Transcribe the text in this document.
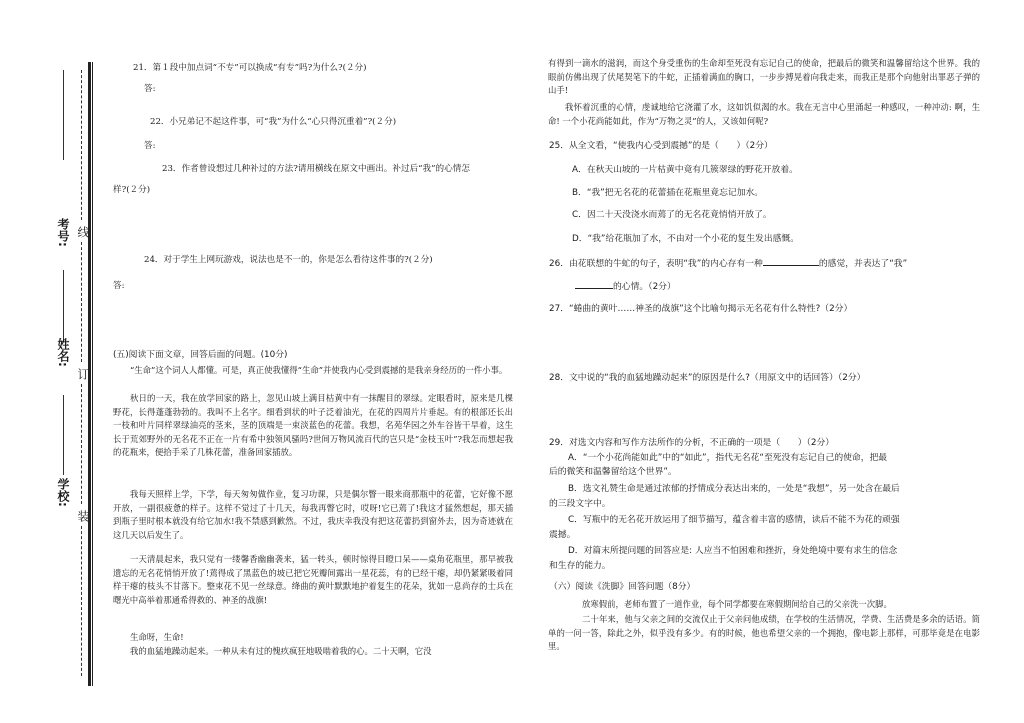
考号:
姓名:
学校:
线
订
装
21．第１段中加点词“不专”可以换成“有专”吗?为什么?(２分)
答:
22．小兄弟记不起这件事，可“我”为什么“心只得沉重着”?(２分)
答:
23．作者曾设想过几种补过的方法?请用横线在原文中画出。补过后“我”的心情怎
样?(２分)
24．对于学生上网玩游戏，说法也是不一的，你是怎么看待这件事的?(２分)
答:
(五)阅读下面文章，回答后面的问题。(10分)
“生命”这个词人人都懂。可是，真正使我懂得“生命”并使我内心受到震撼的是我亲身经历的一件小事。
秋日的一天，我在放学回家的路上，忽见山坡上满目枯黄中有一抹醒目的翠绿。定眼看时，原来是几棵野花，长得蓬蓬勃勃的。我叫不上名字。细看到状的叶子泛着油光，在花的四周片片垂起。有的根部还长出一枝和叶片同样翠绿油亮的茎来，茎的顶端是一束淡蓝色的花蕾。我想，名苑华园之外车谷皆干旱着，这生长于荒郊野外的无名花不正在一片有希中独领风骚吗?世间万物风流百代的岂只是“金枝玉叶”?我怎而想起我的花瓶来，便拾手采了几株花蕾，准备回家插放。
我每天照样上学，下学，每天匆匆做作业，复习功课，只是偶尔瞥一眼来商那瓶中的花蕾，它好像不愿开放，一副很疲惫的样子。这样不觉过了十几天，每我再瞥它时，哎呀!它已蔫了!我这才猛然想起，那天插到瓶子里时根本就没有给它加水!我不禁感到歉然。不过，我庆幸我没有把这花蕾扔到窗外去，因为奇迹就在这几天以后发生了。
一天清晨起来，我只觉有一缕馨香幽幽袭来，猛一转头，顿时惊得目瞪口呆——桌角花瓶里，那早被我遗忘的无名花悄悄开放了!蔫得成了黑蓝色的坡已把它死瓣间露出一星花蕊，有的已经干瘪，却仍紧紧吸着同样干瘪的枝头不甘落下。整束花不见一丝绿意。绛曲的黄叶默默地护着复生的花朵，犹如一息尚存的士兵在曙光中高举着那通希得救的、神圣的战旗!
生命呀，生命!
我的血猛地躁动起来。一种从未有过的愧疚疯狂地吸啮着我的心。二十天啊，它没
有得到一滴水的滋润，而这个身受重伤的生命却至死没有忘记自己的使命，把最后的微笑和温馨留给这个世界。我的眼前仿佛出现了伏尾契笔下的牛蛇，正插着满血的胸口，一步步搏晃着向我走来，而我正是那个向他射出罪恶子弹的山手!
我怀着沉重的心情，虔诚地给它浇灌了水，这如饥似渴的水。我在无言中心里涌起一种感叹，一种冲动: 啊，生命! 一个小花尚能如此，作为“万物之灵”的人，又该如何呢?
25．从全文看，“使我内心受到震撼”的是（　　）（2分）
A．在秋天山坡的一片枯黄中竟有几簇翠绿的野花开放着。
B．“我”把无名花的花蕾插在花瓶里竟忘记加水。
C．因二十天没浇水而蔫了的无名花竟悄悄开放了。
D．“我”给花瓶加了水，不由对一个小花的复生发出感慨。
26．由花联想的牛虻的句子，表明“我”的内心存有一种	的感觉，并表达了“我”
的心情。（2分）
27．“蜷曲的黄叶……神圣的战旗”这个比喻句揭示无名花有什么特性?（2分）
28．文中说的“我的血猛地躁动起来”的原因是什么?（用原文中的话回答）（2分）
29．对选文内容和写作方法所作的分析，不正确的一项是（　　）（2分）
A．“一个小花尚能如此”中的“如此”，指代无名花“至死没有忘记自己的使命，把最
后的微笑和温馨留给这个世界”。
B．选文礼赞生命是通过浓郁的抒情成分表达出来的，一处是“我想”，另一处含在最后
的三段文字中。
C．写瓶中的无名花开放运用了细节描写，蕴含着丰富的感情，读后不能不为花的顽强
震撼。
D．对篇末所提问题的回答应是: 人应当不怕困难和挫折，身处绝境中要有求生的信念
和生存的能力。
（六）阅读《洗脚》回答问题（8分）
放寒假前，老师布置了一道作业，每个同学都要在寒假期间给自己的父亲洗一次脚。
二十年来，他与父亲之间的交流仅止于父亲问他成绩，在学校的生活情况，学费、生活费是多余的话语。简单的一问一答，除此之外，似乎没有多少。有的时候，他也希望父亲的一个拥抱，像电影上那样，可那毕竟是在电影里。
